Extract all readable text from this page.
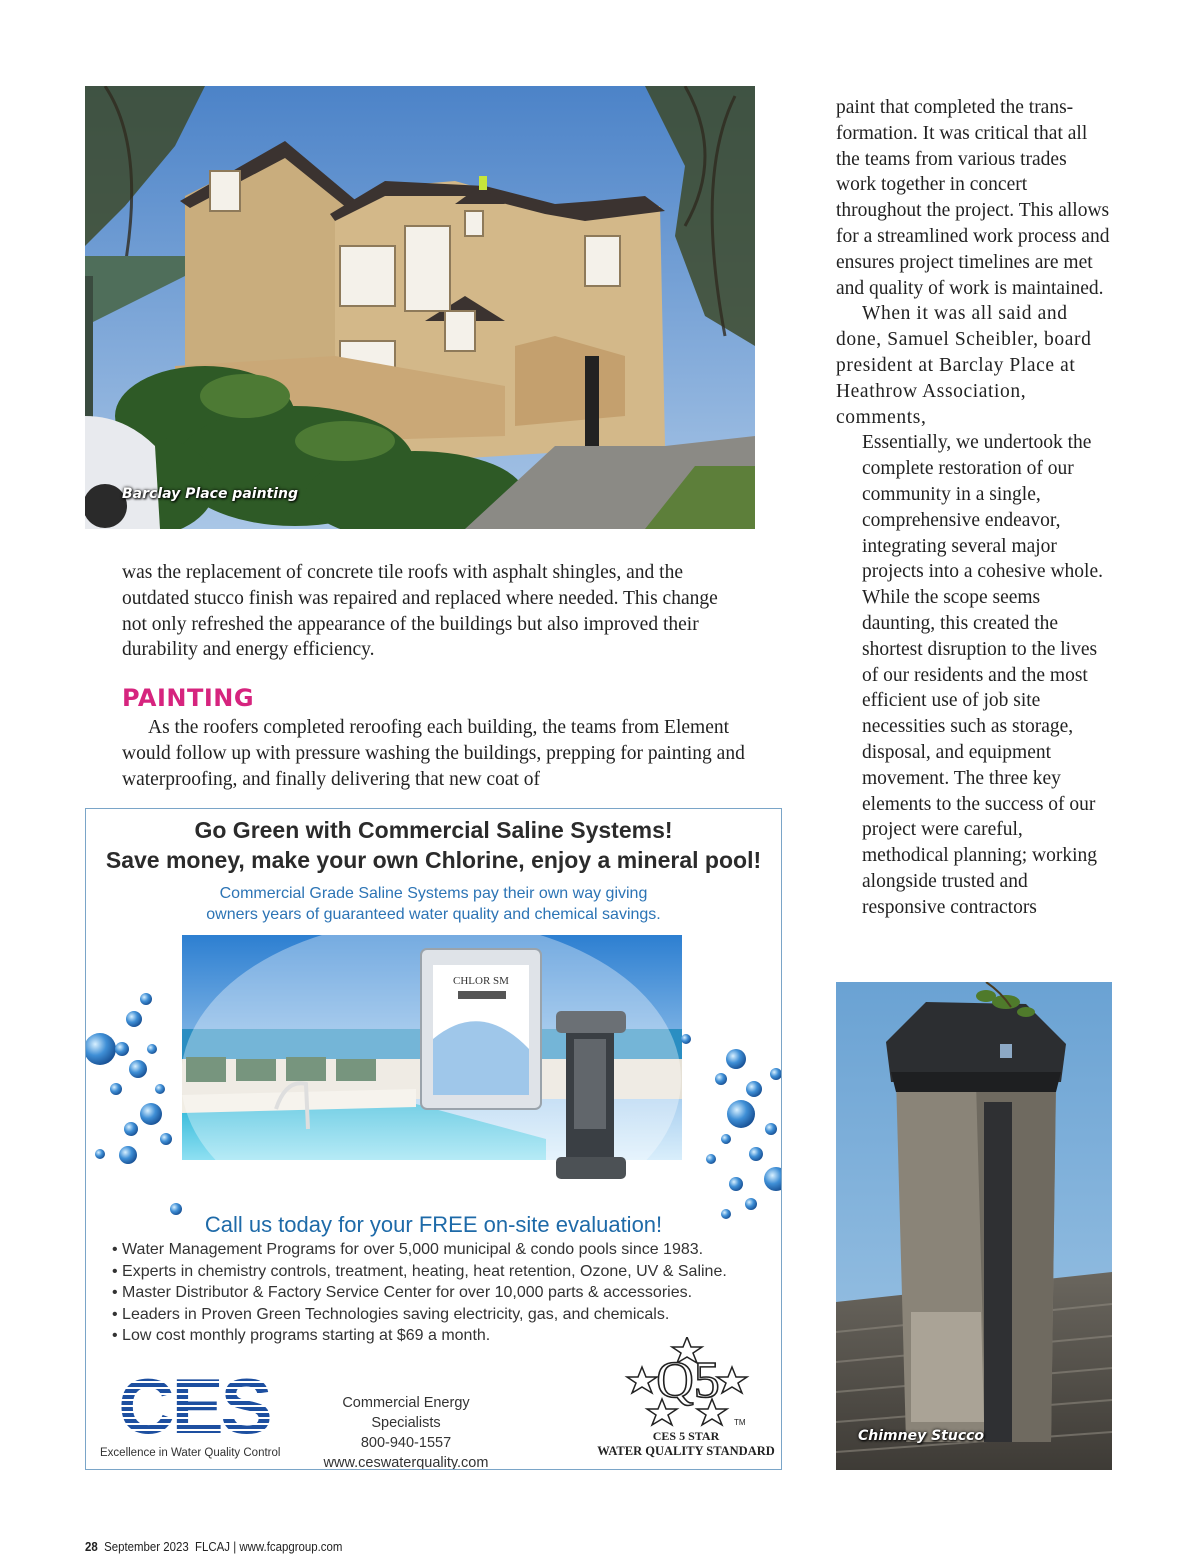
Barclay Place painting

paint that completed the trans-formation. It was critical that all the teams from various trades work together in concert throughout the project. This allows for a streamlined work process and ensures project timelines are met and quality of work is maintained.

When it was all said and done, Samuel Scheibler, board president at Barclay Place at Heathrow Association, comments,

Essentially, we undertook the complete restoration of our community in a single, comprehensive endeavor, integrating several major projects into a cohesive whole. While the scope seems daunting, this created the shortest disruption to the lives of our residents and the most efficient use of job site necessities such as storage, disposal, and equipment movement. The three key elements to the success of our project were careful, methodical planning; working alongside trusted and responsive contractors

was the replacement of concrete tile roofs with asphalt shingles, and the outdated stucco finish was repaired and replaced where needed. This change not only refreshed the appearance of the buildings but also improved their durability and energy efficiency.
PAINTING

As the roofers completed reroofing each building, the teams from Element would follow up with pressure washing the buildings, prepping for painting and waterproofing, and finally delivering that new coat of

Go Green with Commercial Saline Systems!
Save money, make your own Chlorine, enjoy a mineral pool!
Commercial Grade Saline Systems pay their own way giving
owners years of guaranteed water quality and chemical savings.
CHLOR SM
Call us today for your FREE on-site evaluation!
• Water Management Programs for over 5,000 municipal & condo pools since 1983.
• Experts in chemistry controls, treatment, heating, heat retention, Ozone, UV & Saline.
• Master Distributor & Factory Service Center for over 10,000 parts & accessories.
• Leaders in Proven Green Technologies saving electricity, gas, and chemicals.
• Low cost monthly programs starting at $69 a month.
CES
Excellence in Water Quality Control
Commercial Energy Specialists
800-940-1557
www.ceswaterquality.com
Q5
TM
CES 5 STAR
WATER QUALITY STANDARD
Chimney Stucco
28 September 2023 FLCAJ | www.fcapgroup.com
